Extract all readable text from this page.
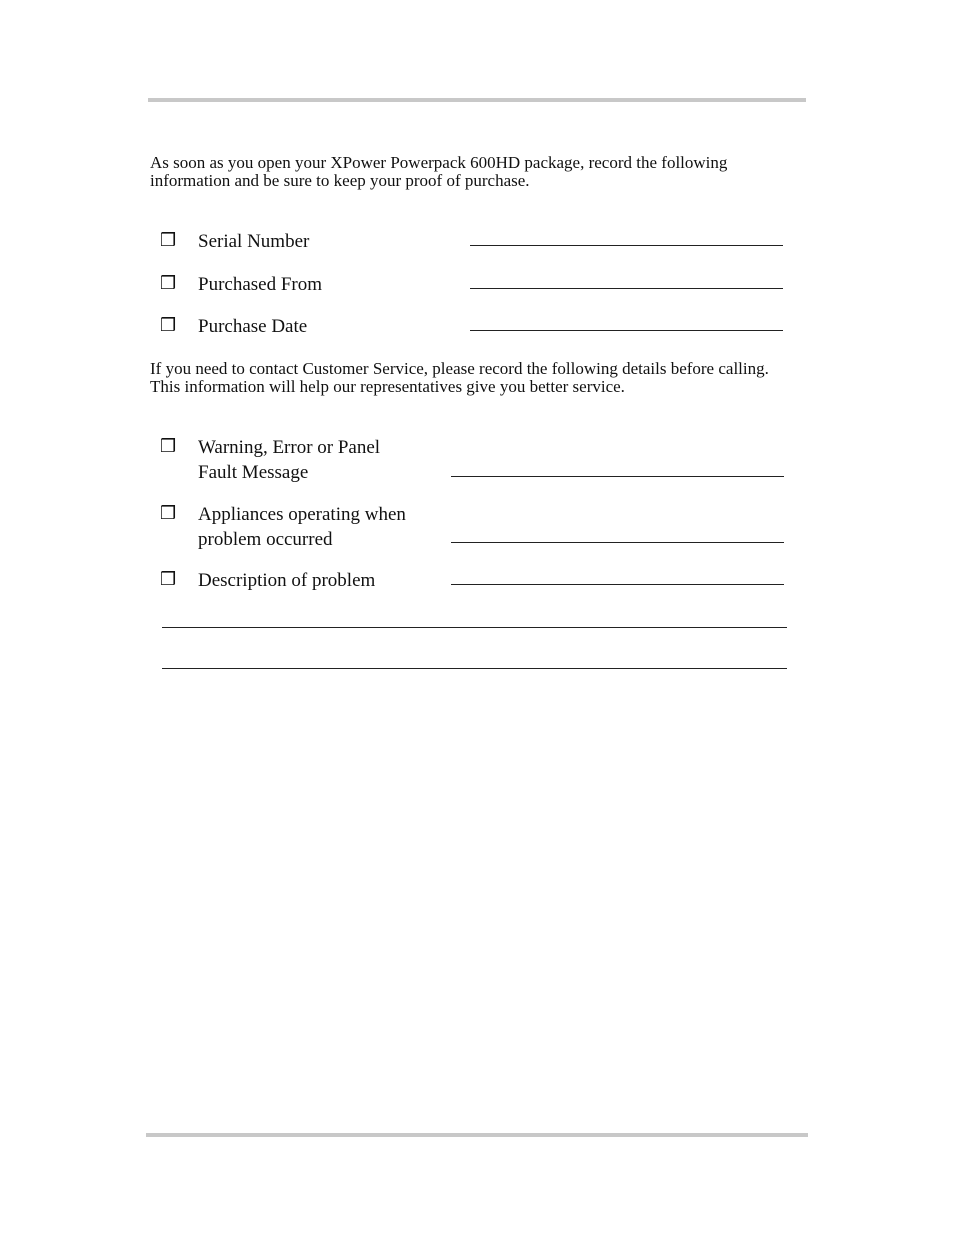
As soon as you open your XPower Powerpack 600HD package, record the following information and be sure to keep your proof of purchase.

❒ Serial Number
❒ Purchased From
❒ Purchase Date

If you need to contact Customer Service, please record the following details before calling. This information will help our representatives give you better service.

❒ Warning, Error or Panel
Fault Message
❒ Appliances operating when
problem occurred
❒ Description of problem
